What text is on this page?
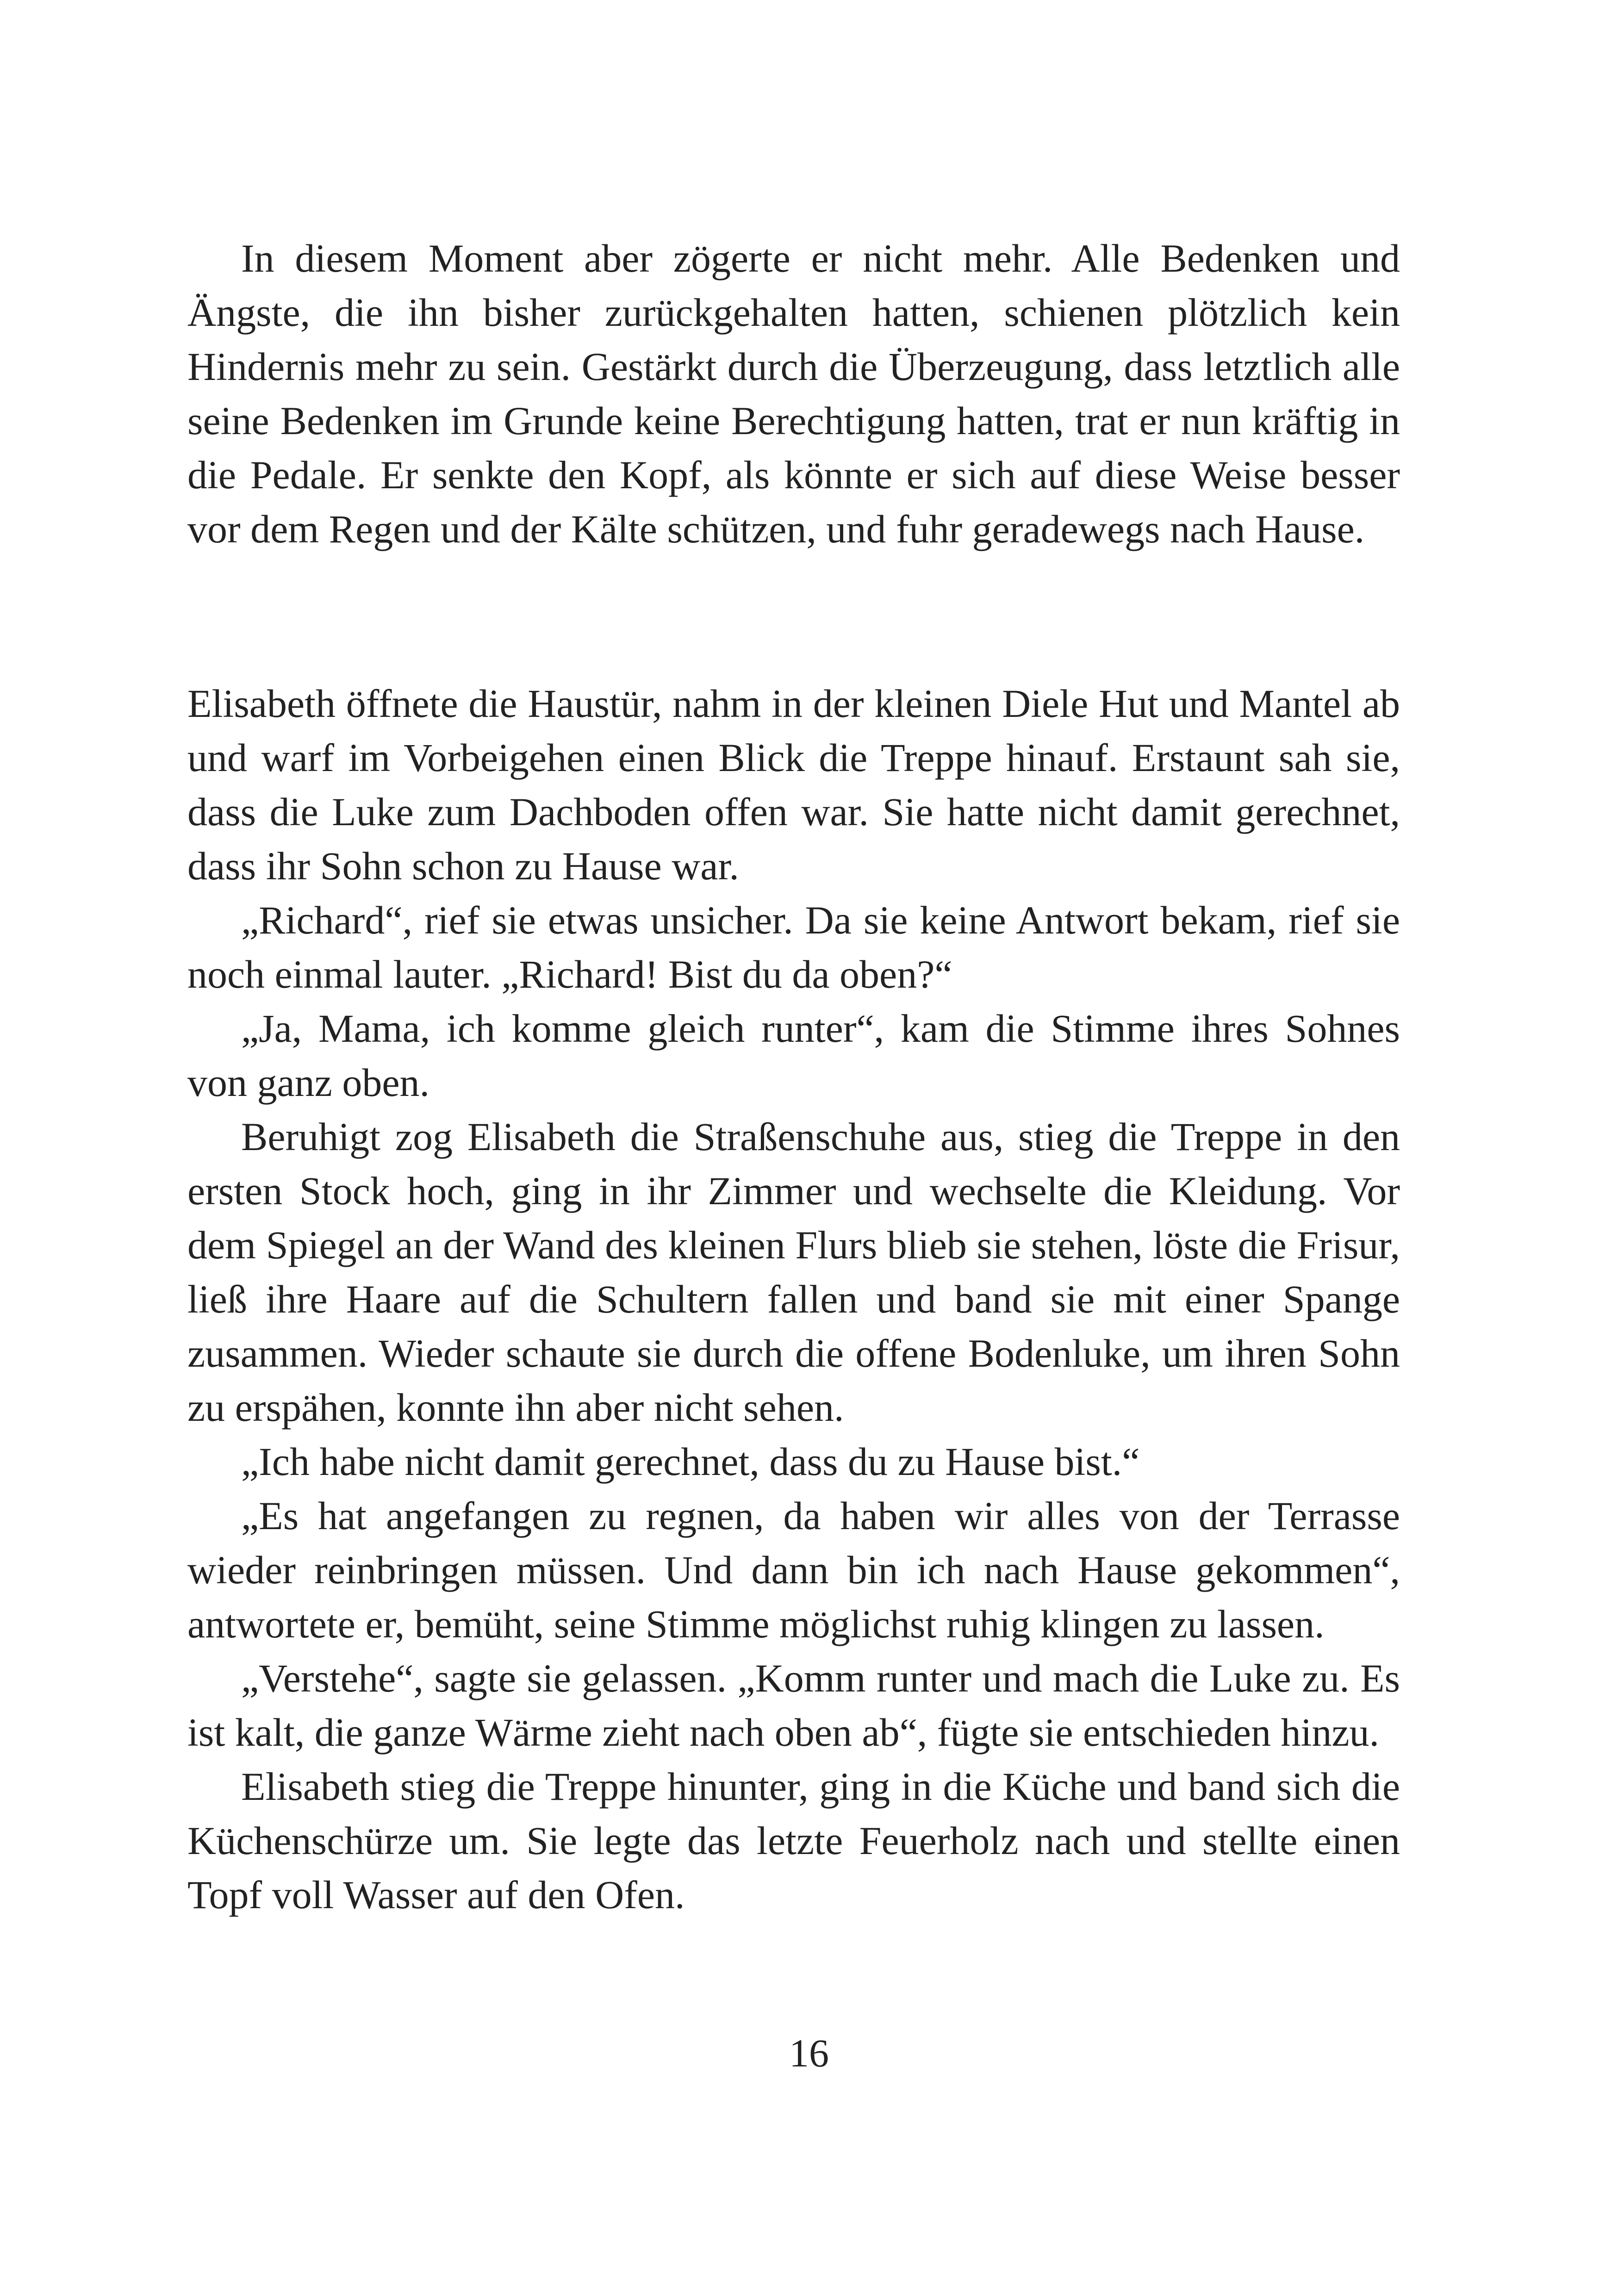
In diesem Moment aber zögerte er nicht mehr. Alle Bedenken und Ängste, die ihn bisher zurückgehalten hatten, schienen plötzlich kein Hindernis mehr zu sein. Gestärkt durch die Überzeugung, dass letztlich alle seine Bedenken im Grunde keine Berechtigung hatten, trat er nun kräftig in die Pedale. Er senkte den Kopf, als könnte er sich auf diese Weise besser vor dem Regen und der Kälte schützen, und fuhr geradewegs nach Hause.

Elisabeth öffnete die Haustür, nahm in der kleinen Diele Hut und Mantel ab und warf im Vorbeigehen einen Blick die Treppe hinauf. Erstaunt sah sie, dass die Luke zum Dachboden offen war. Sie hatte nicht damit gerechnet, dass ihr Sohn schon zu Hause war.

„Richard“, rief sie etwas unsicher. Da sie keine Antwort bekam, rief sie noch einmal lauter. „Richard! Bist du da oben?“

„Ja, Mama, ich komme gleich runter“, kam die Stimme ihres Sohnes von ganz oben.

Beruhigt zog Elisabeth die Straßenschuhe aus, stieg die Treppe in den ersten Stock hoch, ging in ihr Zimmer und wechselte die Kleidung. Vor dem Spiegel an der Wand des kleinen Flurs blieb sie stehen, löste die Frisur, ließ ihre Haare auf die Schultern fallen und band sie mit einer Spange zusammen. Wieder schaute sie durch die offene Bodenluke, um ihren Sohn zu erspähen, konnte ihn aber nicht sehen.

„Ich habe nicht damit gerechnet, dass du zu Hause bist.“

„Es hat angefangen zu regnen, da haben wir alles von der Terrasse wieder reinbringen müssen. Und dann bin ich nach Hause gekommen“, antwortete er, bemüht, seine Stimme möglichst ruhig klingen zu lassen.

„Verstehe“, sagte sie gelassen. „Komm runter und mach die Luke zu. Es ist kalt, die ganze Wärme zieht nach oben ab“, fügte sie entschieden hinzu.

Elisabeth stieg die Treppe hinunter, ging in die Küche und band sich die Küchenschürze um. Sie legte das letzte Feuerholz nach und stellte einen Topf voll Wasser auf den Ofen.

16
